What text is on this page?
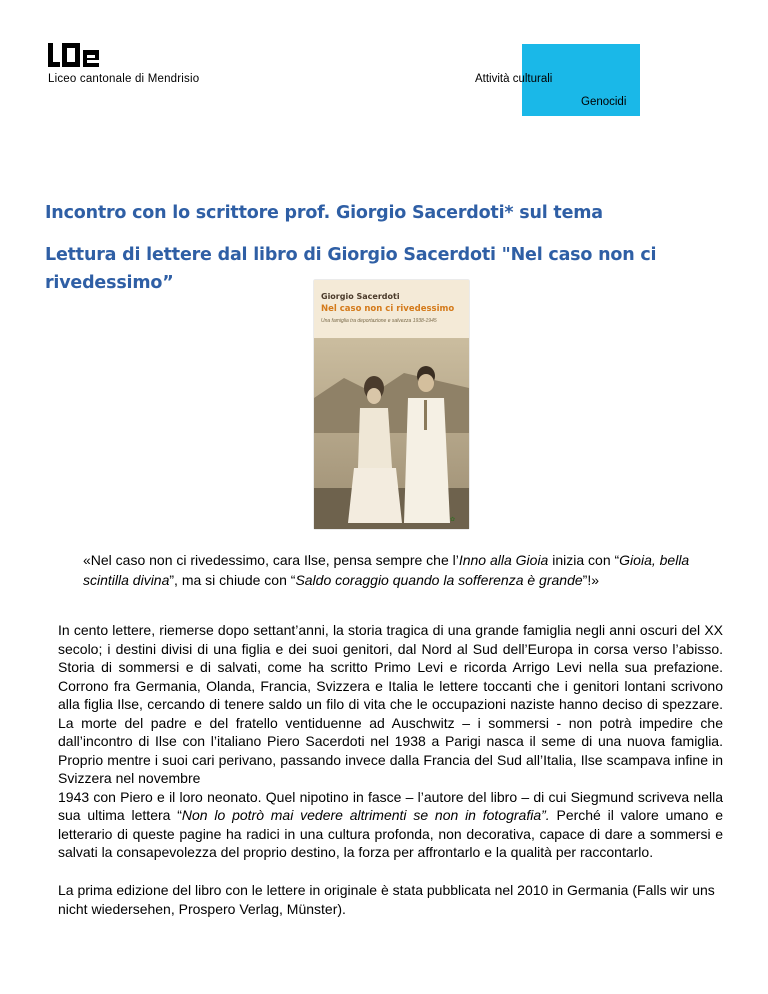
Liceo cantonale di Mendrisio	Attività culturali
Genocidi
Incontro con lo scrittore prof. Giorgio Sacerdoti* sul tema
Lettura di lettere dal libro di Giorgio Sacerdoti "Nel caso non ci rivedessimo”
Giorgio Sacerdoti
Nel caso non ci rivedessimo
Una famiglia tra deportazione e salvezza 1938-1945
✿
«Nel caso non ci rivedessimo, cara Ilse, pensa sempre che l’Inno alla Gioia inizia con “Gioia, bella scintilla divina”, ma si chiude con “Saldo coraggio quando la sofferenza è grande”!»
In cento lettere, riemerse dopo settant’anni, la storia tragica di una grande famiglia negli anni oscuri del XX secolo; i destini divisi di una figlia e dei suoi genitori, dal Nord al Sud dell’Europa in corsa verso l’abisso. Storia di sommersi e di salvati, come ha scritto Primo Levi e ricorda Arrigo Levi nella sua prefazione. Corrono fra Germania, Olanda, Francia, Svizzera e Italia le lettere toccanti che i genitori lontani scrivono alla figlia Ilse, cercando di tenere saldo un filo di vita che le occupazioni naziste hanno deciso di spezzare. La morte del padre e del fratello ventiduenne ad Auschwitz – i sommersi - non potrà impedire che dall’incontro di Ilse con l’italiano Piero Sacerdoti nel 1938 a Parigi nasca il seme di una nuova famiglia. Proprio mentre i suoi cari perivano, passando invece dalla Francia del Sud all’Italia, Ilse scampava infine in Svizzera nel novembre
1943 con Piero e il loro neonato. Quel nipotino in fasce – l’autore del libro – di cui Siegmund scriveva nella sua ultima lettera “Non lo potrò mai vedere altrimenti se non in fotografia”. Perché il valore umano e letterario di queste pagine ha radici in una cultura profonda, non decorativa, capace di dare a sommersi e salvati la consapevolezza del proprio destino, la forza per affrontarlo e la qualità per raccontarlo.
La prima edizione del libro con le lettere in originale è stata pubblicata nel 2010 in Germania (Falls wir uns nicht wiedersehen, Prospero Verlag, Münster).
